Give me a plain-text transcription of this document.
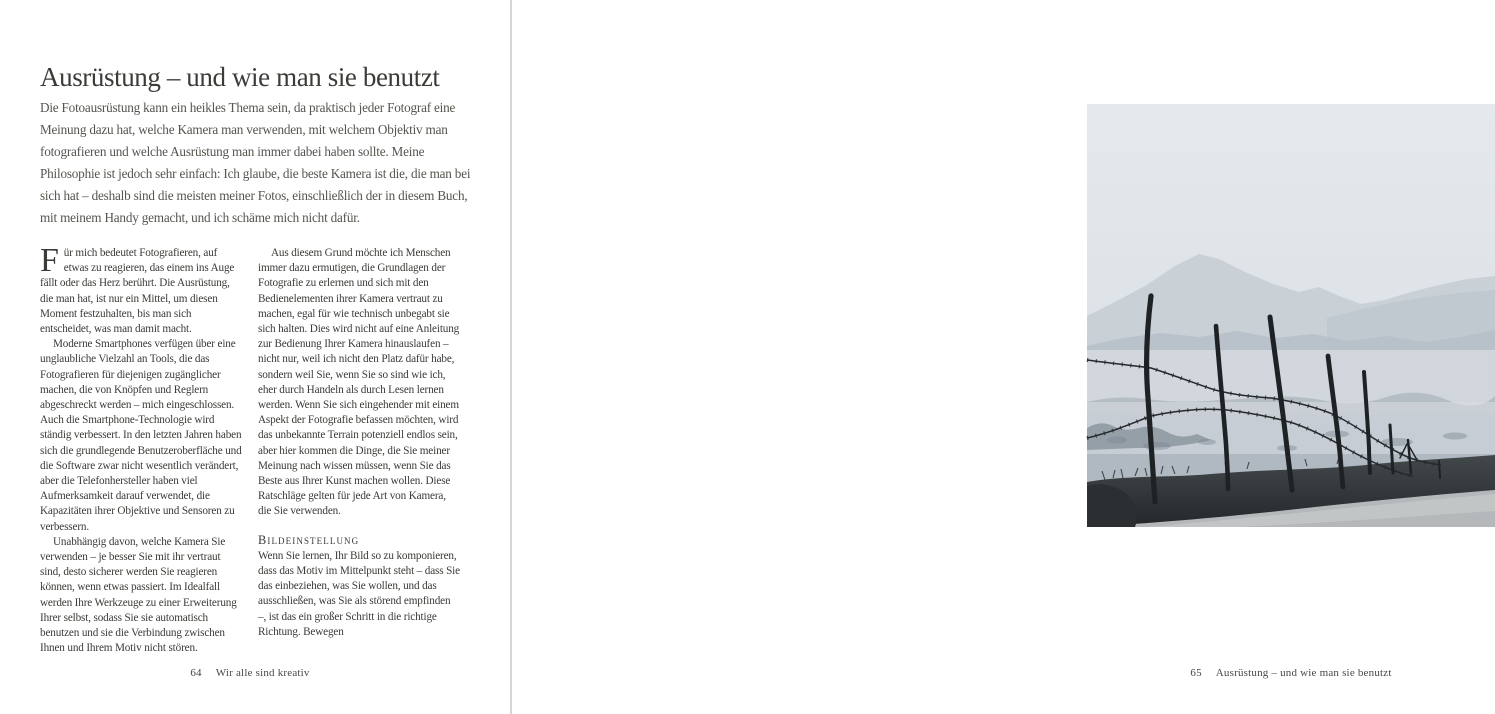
Ausrüstung – und wie man sie benutzt
Die Fotoausrüstung kann ein heikles Thema sein, da praktisch jeder Fotograf eine Meinung dazu hat, welche Kamera man verwenden, mit welchem Objektiv man fotografieren und welche Ausrüstung man immer dabei haben sollte. Meine Philosophie ist jedoch sehr einfach: Ich glaube, die beste Kamera ist die, die man bei sich hat – deshalb sind die meisten meiner Fotos, einschließlich der in diesem Buch, mit meinem Handy gemacht, und ich schäme mich nicht dafür.

Für mich bedeutet Fotografieren, auf etwas zu reagieren, das einem ins Auge fällt oder das Herz berührt. Die Ausrüstung, die man hat, ist nur ein Mittel, um diesen Moment festzuhalten, bis man sich entscheidet, was man damit macht.

Moderne Smartphones verfügen über eine unglaubliche Vielzahl an Tools, die das Fotografieren für diejenigen zugänglicher machen, die von Knöpfen und Reglern abgeschreckt werden – mich eingeschlossen. Auch die Smartphone-Technologie wird ständig verbessert. In den letzten Jahren haben sich die grundlegende Benutzeroberfläche und die Software zwar nicht wesentlich verändert, aber die Telefonhersteller haben viel Aufmerksamkeit darauf verwendet, die Kapazitäten ihrer Objektive und Sensoren zu verbessern.

Unabhängig davon, welche Kamera Sie verwenden – je besser Sie mit ihr vertraut sind, desto sicherer werden Sie reagieren können, wenn etwas passiert. Im Idealfall werden Ihre Werkzeuge zu einer Erweiterung Ihrer selbst, sodass Sie sie automatisch benutzen und sie die Verbindung zwischen Ihnen und Ihrem Motiv nicht stören.

Aus diesem Grund möchte ich Menschen immer dazu ermutigen, die Grundlagen der Fotografie zu erlernen und sich mit den Bedienelementen ihrer Kamera vertraut zu machen, egal für wie technisch unbegabt sie sich halten. Dies wird nicht auf eine Anleitung zur Bedienung Ihrer Kamera hinauslaufen – nicht nur, weil ich nicht den Platz dafür habe, sondern weil Sie, wenn Sie so sind wie ich, eher durch Handeln als durch Lesen lernen werden. Wenn Sie sich eingehender mit einem Aspekt der Fotografie befassen möchten, wird das unbekannte Terrain potenziell endlos sein, aber hier kommen die Dinge, die Sie meiner Meinung nach wissen müssen, wenn Sie das Beste aus Ihrer Kunst machen wollen. Diese Ratschläge gelten für jede Art von Kamera, die Sie verwenden.

Bildeinstellung

Wenn Sie lernen, Ihr Bild so zu komponieren, dass das Motiv im Mittelpunkt steht – dass Sie das einbeziehen, was Sie wollen, und das ausschließen, was Sie als störend empfinden –, ist das ein großer Schritt in die richtige Richtung. Bewegen

64 Wir alle sind kreativ	65 Ausrüstung – und wie man sie benutzt
